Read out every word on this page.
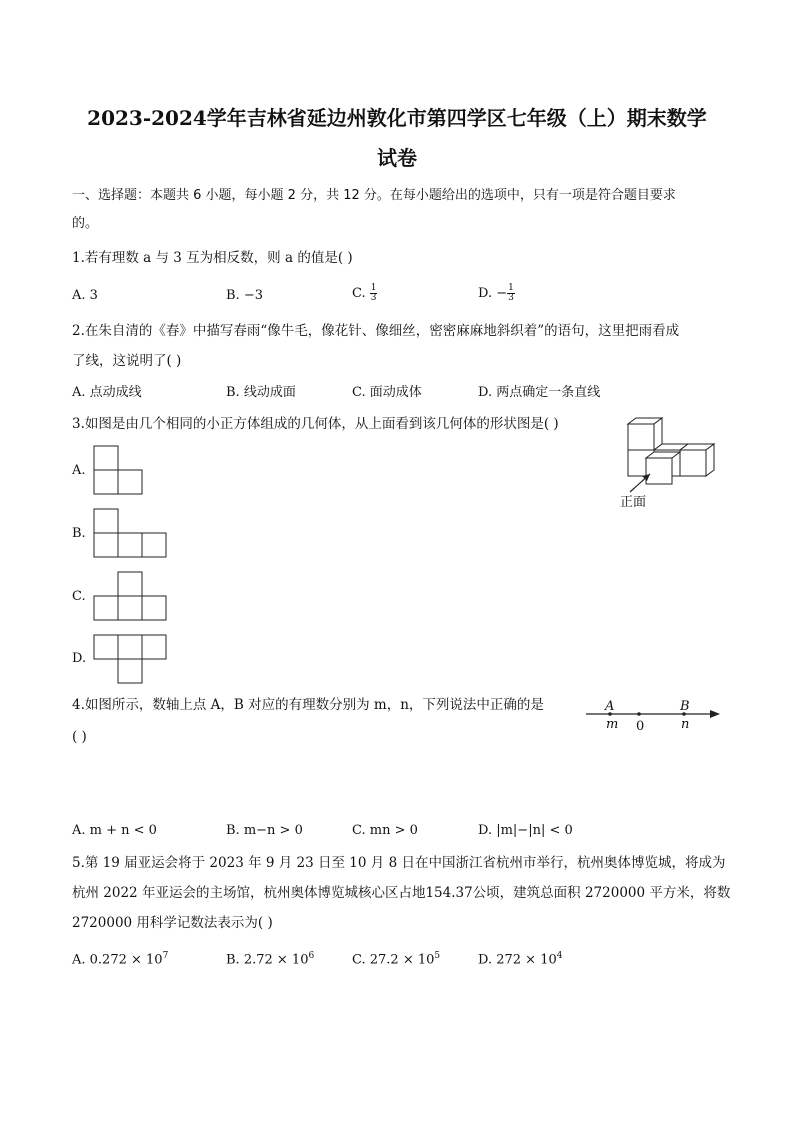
2023-2024学年吉林省延边州敦化市第四学区七年级（上）期末数学
试卷
一、选择题：本题共 6 小题，每小题 2 分，共 12 分。在每小题给出的选项中，只有一项是符合题目要求
的。
1.若有理数 a 与 3 互为相反数，则 a 的值是( )
A. 3	B. −3	C. $\frac{1}{3}$	D. − $\frac{1}{3}$
2.在朱自清的《春》中描写春雨“像牛毛，像花针、像细丝，密密麻麻地斜织着”的语句，这里把雨看成
了线，这说明了( )
A. 点动成线	B. 线动成面	C. 面动成体	D. 两点确定一条直线
3.如图是由几个相同的小正方体组成的几何体，从上面看到该几何体的形状图是( )
正面
A.
B.
C.
D.
4.如图所示，数轴上点 A，B 对应的有理数分别为 m，n，下列说法中正确的是
( )
A
m 0
B
n
A. m + n < 0	B. m−n > 0	C. mn > 0	D. |m|−|n| < 0
5.第 19 届亚运会将于 2023 年 9 月 23 日至 10 月 8 日在中国浙江省杭州市举行，杭州奥体博览城，将成为
杭州 2022 年亚运会的主场馆，杭州奥体博览城核心区占地154.37公顷，建筑总面积 2720000 平方米，将数
2720000 用科学记数法表示为( )
A. $0.272 \times 10^7$	B. $2.72 \times 10^6$	C. $27.2 \times 10^5$	D. $272 \times 10^4$
